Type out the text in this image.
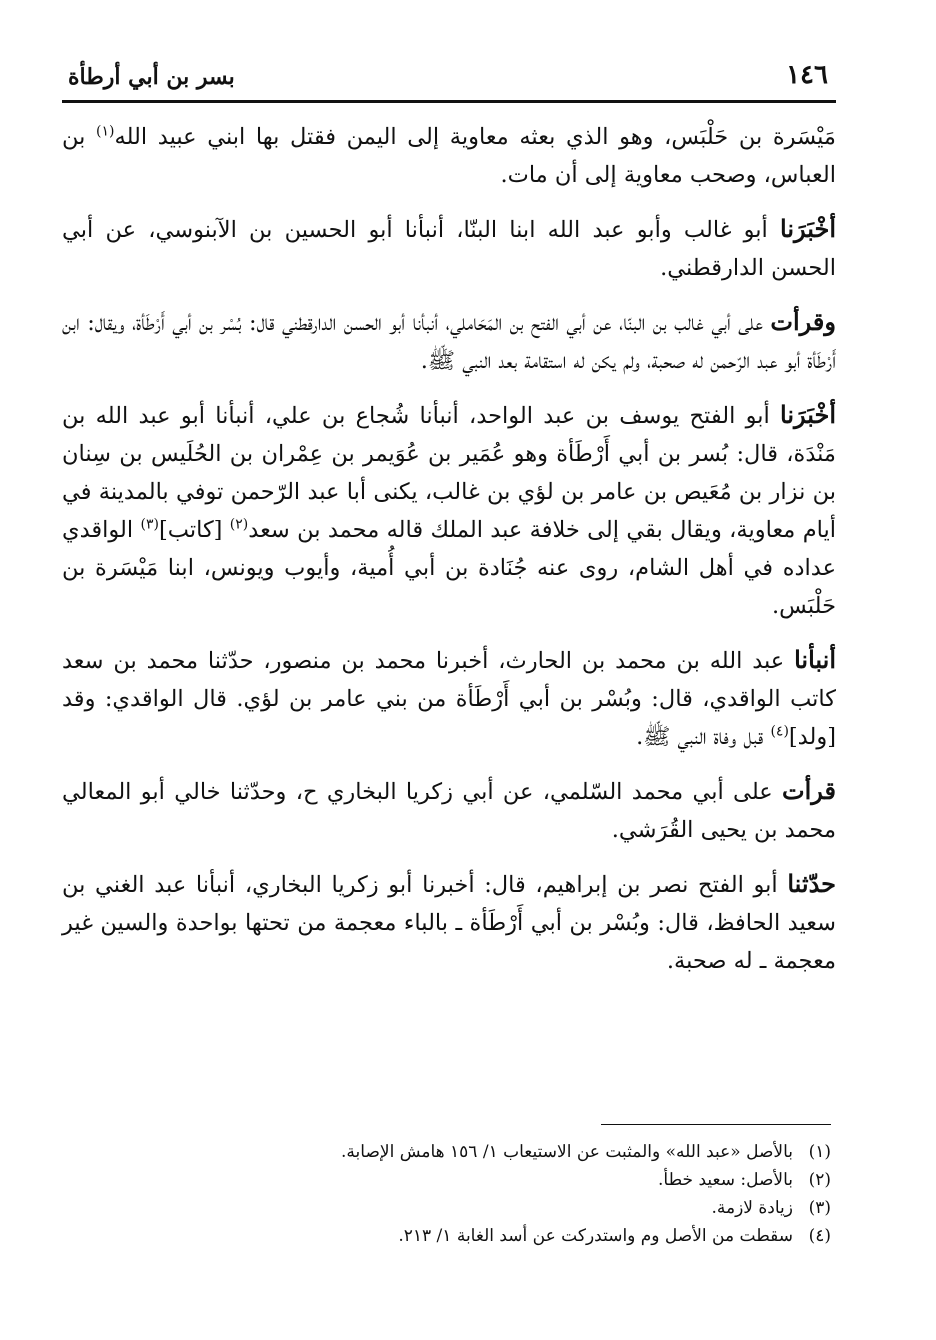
١٤٦
بسر بن أبي أرطأة

مَيْسَرة بن حَلْبَس، وهو الذي بعثه معاوية إلى اليمن فقتل بها ابني عبيد الله$^{(١)}$ بن العباس، وصحب معاوية إلى أن مات.

أخْبَرَنا أبو غالب وأبو عبد الله ابنا البنّا، أنبأنا أبو الحسين بن الآبنوسي، عن أبي الحسن الدارقطني.

وقرأت على أبي غالب بن البنّا، عن أبي الفتح بن المَحَاملي، أنبأنا أبو الحسن الدارقطني قال: بُسْر بن أبي أَرْطَأة، ويقال: ابن أَرْطَأة أبو عبد الرّحمن له صحبة، ولم يكن له استقامة بعد النبي ﷺ.

أخْبَرَنا أبو الفتح يوسف بن عبد الواحد، أنبأنا شُجاع بن علي، أنبأنا أبو عبد الله بن مَنْدَة، قال: بُسر بن أبي أَرْطَأة وهو عُمَير بن عُوَيمر بن عِمْران بن الحُلَيس بن سِنان بن نزار بن مُعَيص بن عامر بن لؤي بن غالب، يكنى أبا عبد الرّحمن توفي بالمدينة في أيام معاوية، ويقال بقي إلى خلافة عبد الملك قاله محمد بن سعد$^{(٢)}$ [كاتب]$^{(٣)}$ الواقدي عداده في أهل الشام، روى عنه جُنَادة بن أبي أُمية، وأيوب ويونس، ابنا مَيْسَرة بن حَلْبَس.

أنبأنا عبد الله بن محمد بن الحارث، أخبرنا محمد بن منصور، حدّثنا محمد بن سعد كاتب الواقدي، قال: وبُسْر بن أبي أَرْطَأة من بني عامر بن لؤي. قال الواقدي: وقد [ولد]$^{(٤)}$ قبل وفاة النبي ﷺ.

قرأت على أبي محمد السّلمي، عن أبي زكريا البخاري ح، وحدّثنا خالي أبو المعالي محمد بن يحيى القُرَشي.

حدّثنا أبو الفتح نصر بن إبراهيم، قال: أخبرنا أبو زكريا البخاري، أنبأنا عبد الغني بن سعيد الحافظ، قال: وبُسْر بن أبي أَرْطَأة ـ بالباء معجمة من تحتها بواحدة والسين غير معجمة ـ له صحبة.

(١)بالأصل «عبد الله» والمثبت عن الاستيعاب ١/ ١٥٦ هامش الإصابة.
(٢)بالأصل: سعيد خطأ.
(٣)زيادة لازمة.
(٤)سقطت من الأصل وم واستدركت عن أسد الغابة ١/ ٢١٣.
